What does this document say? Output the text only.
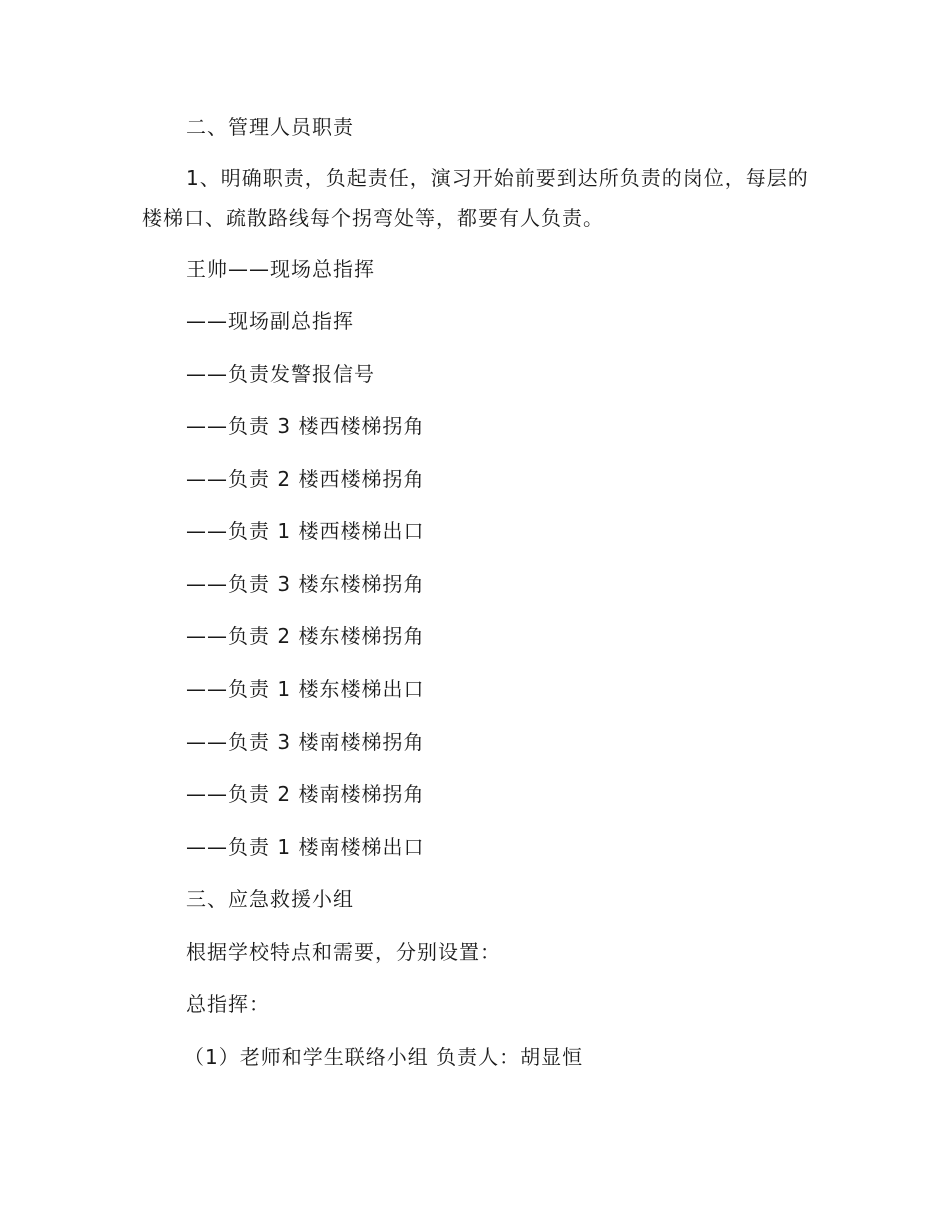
二、管理人员职责
1、明确职责，负起责任，演习开始前要到达所负责的岗位，每层的楼梯口、疏散路线每个拐弯处等，都要有人负责。
王帅——现场总指挥
——现场副总指挥
——负责发警报信号
——负责 3 楼西楼梯拐角
——负责 2 楼西楼梯拐角
——负责 1 楼西楼梯出口
——负责 3 楼东楼梯拐角
——负责 2 楼东楼梯拐角
——负责 1 楼东楼梯出口
——负责 3 楼南楼梯拐角
——负责 2 楼南楼梯拐角
——负责 1 楼南楼梯出口
三、应急救援小组
根据学校特点和需要，分别设置：
总指挥：
（1）老师和学生联络小组 负责人：胡显恒
